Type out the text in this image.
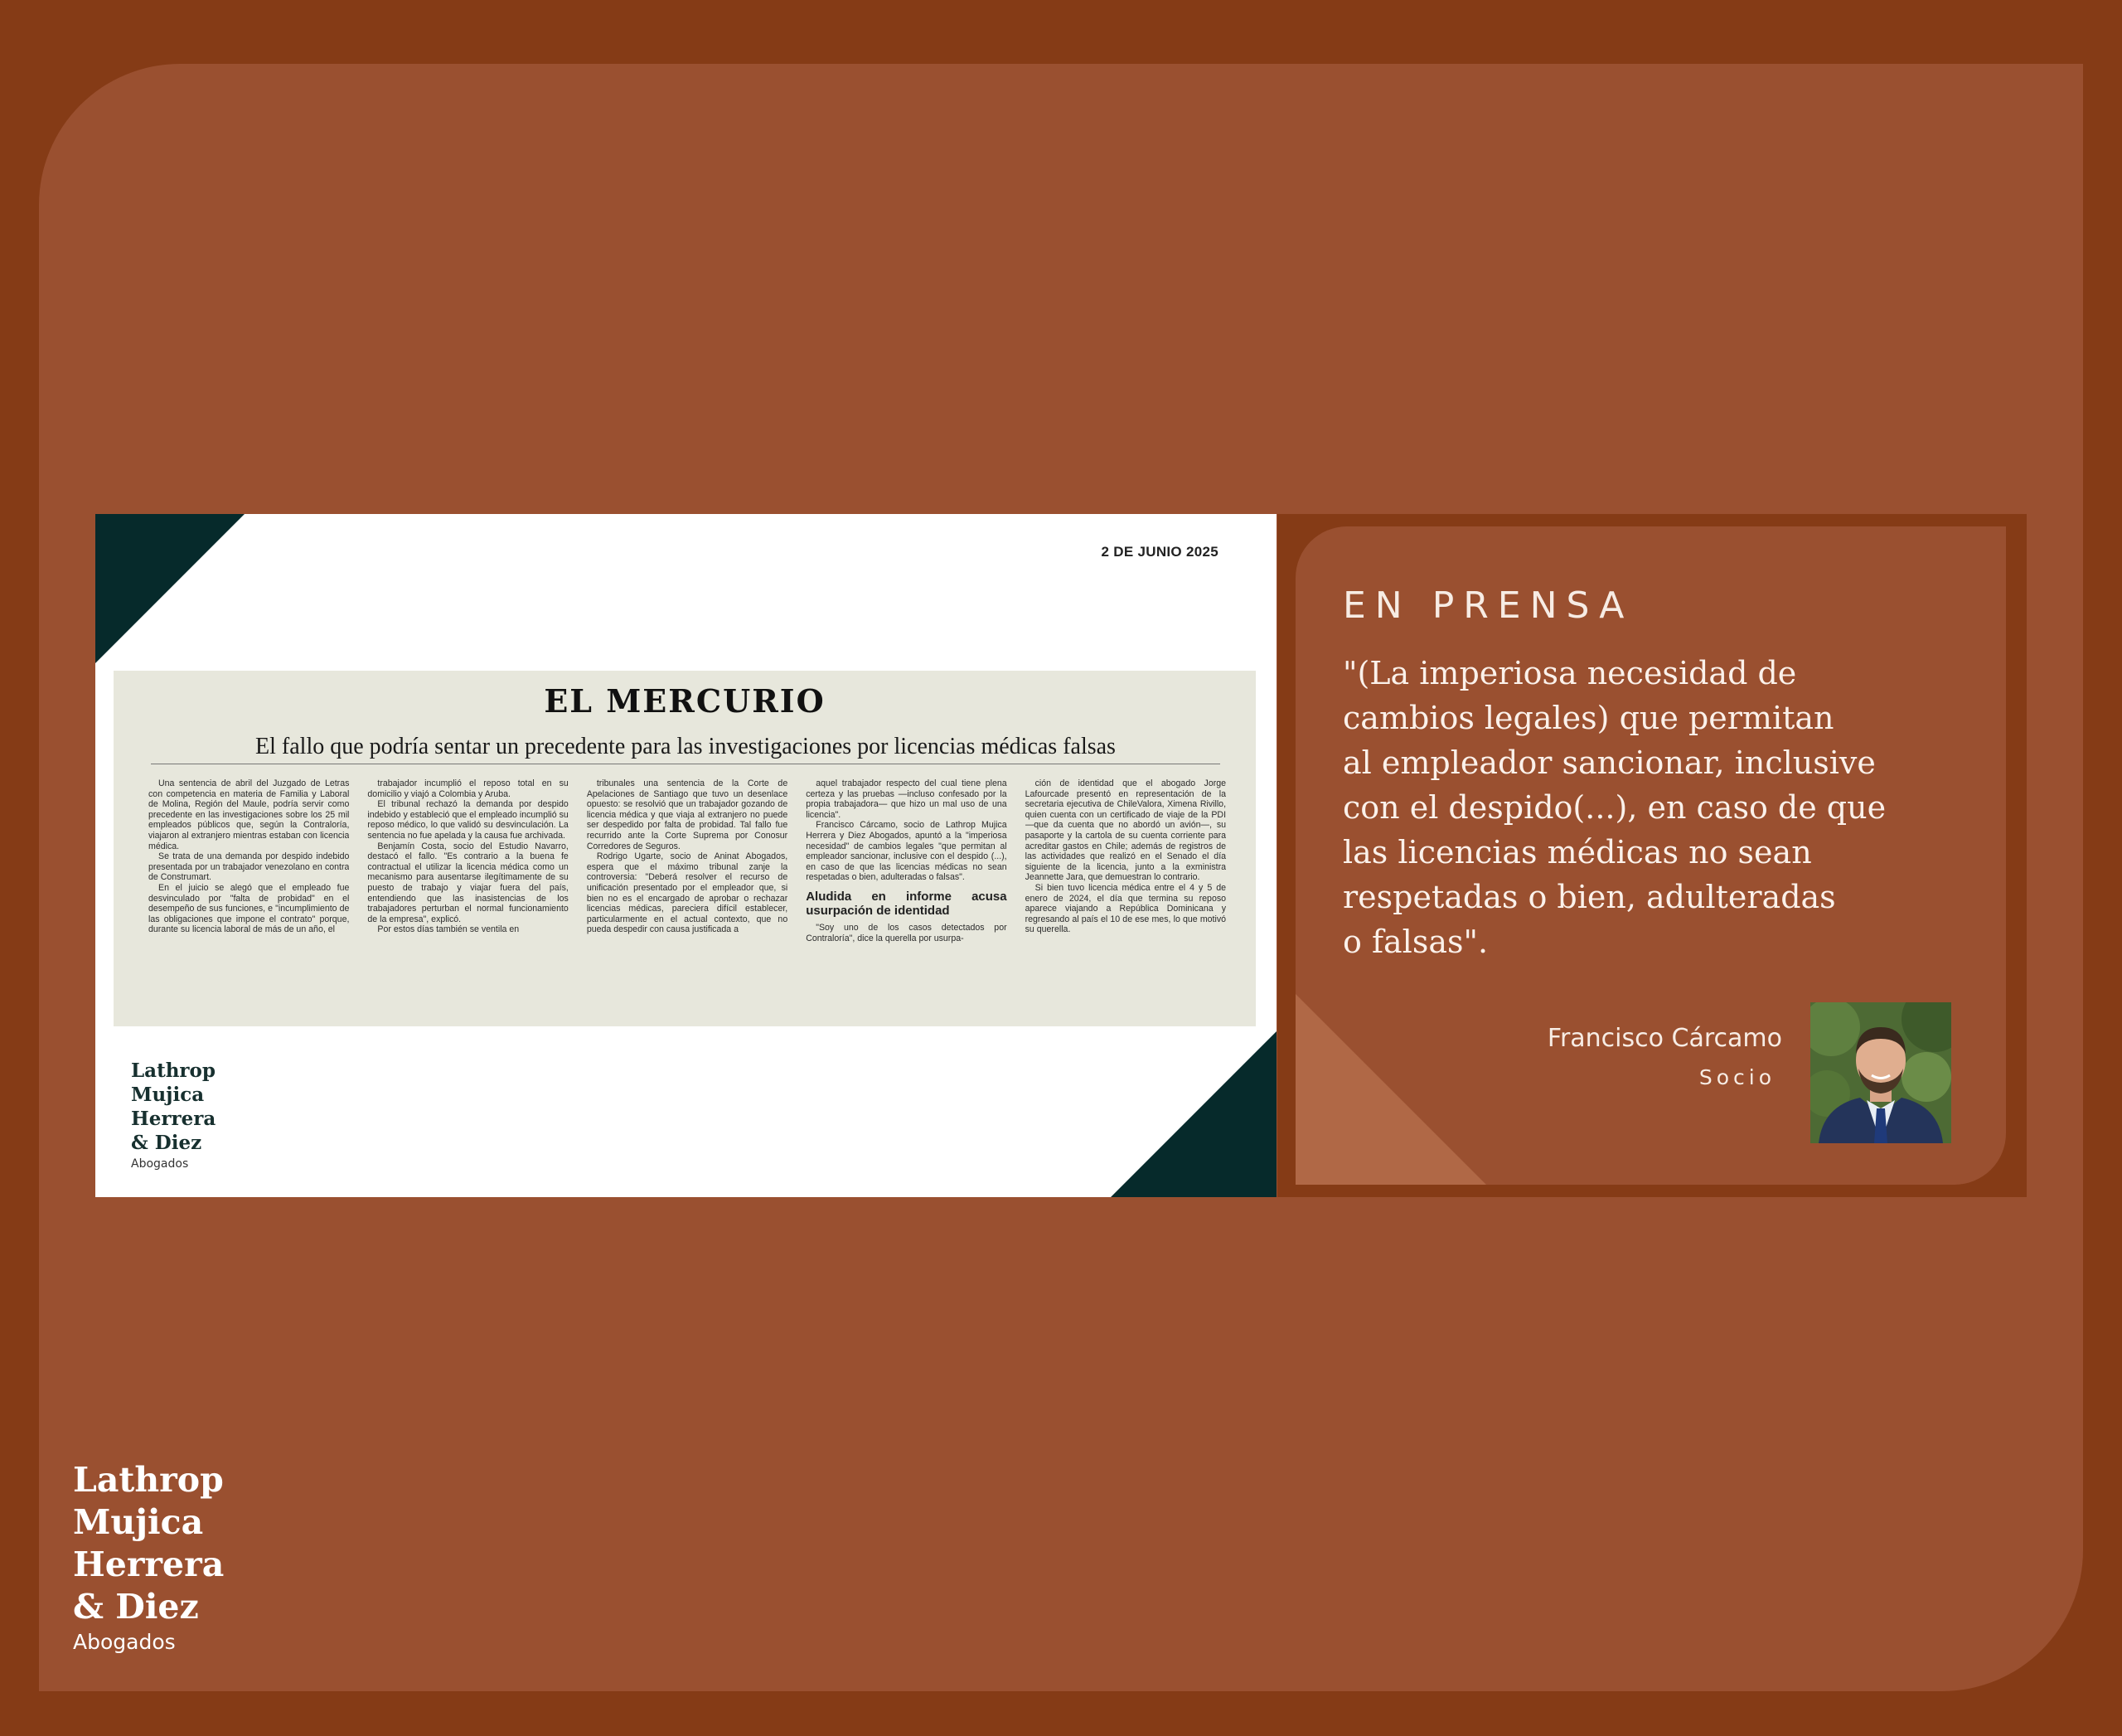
2 DE JUNIO 2025
EL MERCURIO
El fallo que podría sentar un precedente para las investigaciones por licencias médicas falsas

Una sentencia de abril del Juzgado de Letras con competencia en materia de Familia y Laboral de Molina, Región del Maule, podría servir como precedente en las investigaciones sobre los 25 mil empleados públicos que, según la Contraloría, viajaron al extranjero mientras estaban con licencia médica.

Se trata de una demanda por despido indebido presentada por un trabajador venezolano en contra de Construmart.

En el juicio se alegó que el empleado fue desvinculado por "falta de probidad" en el desempeño de sus funciones, e "incumplimiento de las obligaciones que impone el contrato" porque, durante su licencia laboral de más de un año, el

trabajador incumplió el reposo total en su domicilio y viajó a Colombia y Aruba.

El tribunal rechazó la demanda por despido indebido y estableció que el empleado incumplió su reposo médico, lo que validó su desvinculación. La sentencia no fue apelada y la causa fue archivada.

Benjamín Costa, socio del Estudio Navarro, destacó el fallo. "Es contrario a la buena fe contractual el utilizar la licencia médica como un mecanismo para ausentarse ilegítimamente de su puesto de trabajo y viajar fuera del país, entendiendo que las inasistencias de los trabajadores perturban el normal funcionamiento de la empresa", explicó.

Por estos días también se ventila en

tribunales una sentencia de la Corte de Apelaciones de Santiago que tuvo un desenlace opuesto: se resolvió que un trabajador gozando de licencia médica y que viaja al extranjero no puede ser despedido por falta de probidad. Tal fallo fue recurrido ante la Corte Suprema por Conosur Corredores de Seguros.

Rodrigo Ugarte, socio de Aninat Abogados, espera que el máximo tribunal zanje la controversia: "Deberá resolver el recurso de unificación presentado por el empleador que, si bien no es el encargado de aprobar o rechazar licencias médicas, pareciera difícil establecer, particularmente en el actual contexto, que no pueda despedir con causa justificada a

aquel trabajador respecto del cual tiene plena certeza y las pruebas —incluso confesado por la propia trabajadora— que hizo un mal uso de una licencia".

Francisco Cárcamo, socio de Lathrop Mujica Herrera y Diez Abogados, apuntó a la "imperiosa necesidad" de cambios legales "que permitan al empleador sancionar, inclusive con el despido (...), en caso de que las licencias médicas no sean respetadas o bien, adulteradas o falsas".

Aludida en informe acusa usurpación de identidad

"Soy uno de los casos detectados por Contraloría", dice la querella por usurpa-

ción de identidad que el abogado Jorge Lafourcade presentó en representación de la secretaria ejecutiva de ChileValora, Ximena Rivillo, quien cuenta con un certificado de viaje de la PDI —que da cuenta que no abordó un avión—, su pasaporte y la cartola de su cuenta corriente para acreditar gastos en Chile; además de registros de las actividades que realizó en el Senado el día siguiente de la licencia, junto a la exministra Jeannette Jara, que demuestran lo contrario.

Si bien tuvo licencia médica entre el 4 y 5 de enero de 2024, el día que termina su reposo aparece viajando a República Dominicana y regresando al país el 10 de ese mes, lo que motivó su querella.

Lathrop
Mujica
Herrera
& Diez
Abogados
EN PRENSA
"(La imperiosa necesidad de
cambios legales) que permitan
al empleador sancionar, inclusive
con el despido(...), en caso de que
las licencias médicas no sean
respetadas o bien, adulteradas
o falsas".
Francisco Cárcamo
Socio
Lathrop
Mujica
Herrera
& Diez
Abogados
